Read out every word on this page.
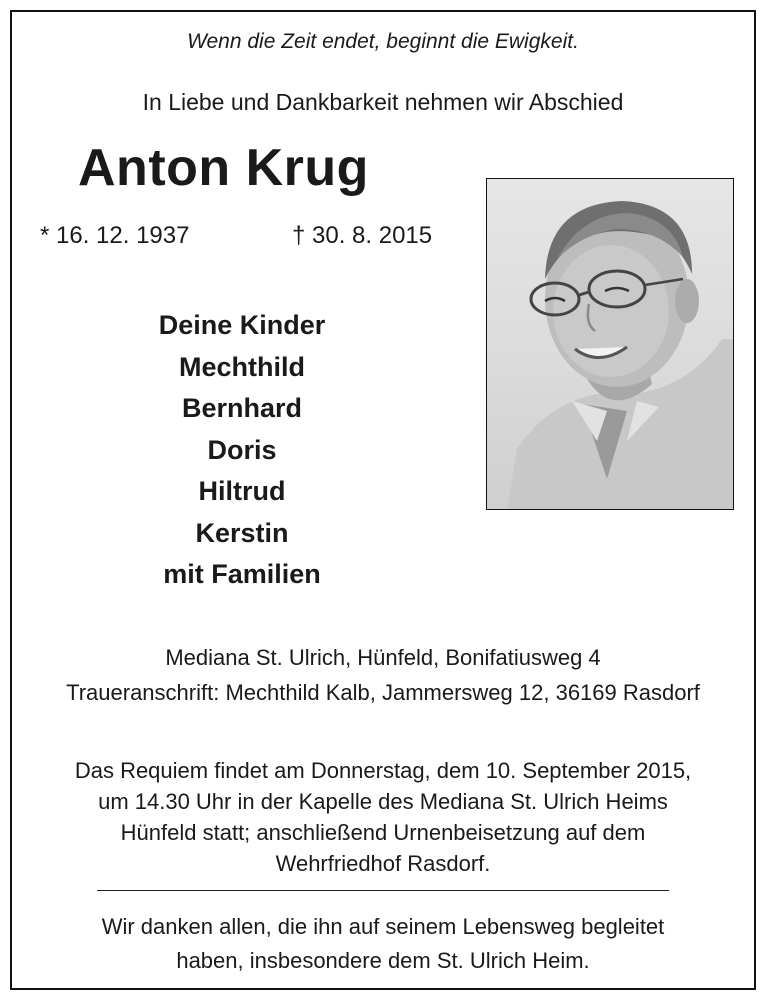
Wenn die Zeit endet, beginnt die Ewigkeit.
In Liebe und Dankbarkeit nehmen wir Abschied
Anton Krug
* 16. 12. 1937	† 30. 8. 2015
Deine Kinder
Mechthild
Bernhard
Doris
Hiltrud
Kerstin
mit Familien
Mediana St. Ulrich, Hünfeld, Bonifatiusweg 4
Traueranschrift: Mechthild Kalb, Jammersweg 12, 36169 Rasdorf
Das Requiem findet am Donnerstag, dem 10. September 2015,
um 14.30 Uhr in der Kapelle des Mediana St. Ulrich Heims
Hünfeld statt; anschließend Urnenbeisetzung auf dem
Wehrfriedhof Rasdorf.
Wir danken allen, die ihn auf seinem Lebensweg begleitet
haben, insbesondere dem St. Ulrich Heim.
